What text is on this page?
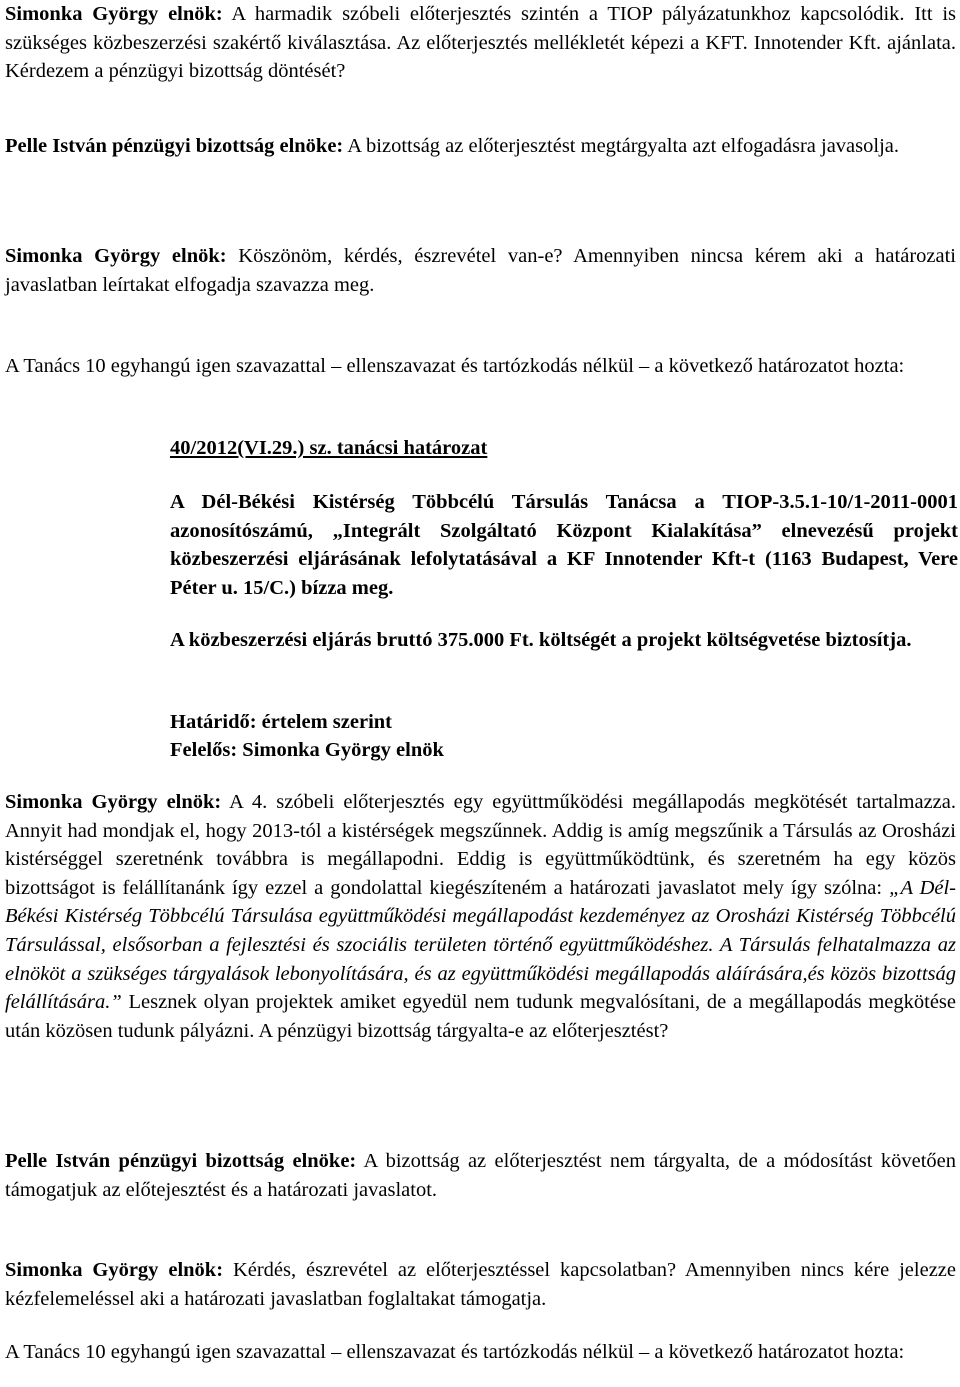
Simonka György elnök: A harmadik szóbeli előterjesztés szintén a TIOP pályázatunkhoz kapcsolódik. Itt is szükséges közbeszerzési szakértő kiválasztása. Az előterjesztés mellékletét képezi a KFT. Innotender Kft. ajánlata. Kérdezem a pénzügyi bizottság döntését?

Pelle István pénzügyi bizottság elnöke: A bizottság az előterjesztést megtárgyalta azt elfogadásra javasolja.

Simonka György elnök: Köszönöm, kérdés, észrevétel van-e? Amennyiben nincsa kérem aki a határozati javaslatban leírtakat elfogadja szavazza meg.

A Tanács 10 egyhangú igen szavazattal – ellenszavazat és tartózkodás nélkül – a következő határozatot hozta:

40/2012(VI.29.) sz. tanácsi határozat

A Dél-Békési Kistérség Többcélú Társulás Tanácsa a TIOP-3.5.1-10/1-2011-0001 azonosítószámú, „Integrált Szolgáltató Központ Kialakítása” elnevezésű projekt közbeszerzési eljárásának lefolytatásával a KF Innotender Kft-t (1163 Budapest, Vere Péter u. 15/C.) bízza meg.

A közbeszerzési eljárás bruttó 375.000 Ft. költségét a projekt költségvetése biztosítja.

Határidő: értelem szerint

Felelős: Simonka György elnök

Simonka György elnök: A 4. szóbeli előterjesztés egy együttműködési megállapodás megkötését tartalmazza. Annyit had mondjak el, hogy 2013-tól a kistérségek megszűnnek. Addig is amíg megszűnik a Társulás az Orosházi kistérséggel szeretnénk továbbra is megállapodni. Eddig is együttműködtünk, és szeretném ha egy közös bizottságot is felállítanánk így ezzel a gondolattal kiegészíteném a határozati javaslatot mely így szólna: „A Dél-Békési Kistérség Többcélú Társulása együttműködési megállapodást kezdeményez az Orosházi Kistérség Többcélú Társulással, elsősorban a fejlesztési és szociális területen történő együttműködéshez. A Társulás felhatalmazza az elnököt a szükséges tárgyalások lebonyolítására, és az együttműködési megállapodás aláírására,és közös bizottság felállítására.” Lesznek olyan projektek amiket egyedül nem tudunk megvalósítani, de a megállapodás megkötése után közösen tudunk pályázni. A pénzügyi bizottság tárgyalta-e az előterjesztést?

Pelle István pénzügyi bizottság elnöke: A bizottság az előterjesztést nem tárgyalta, de a módosítást követően támogatjuk az előtejesztést és a határozati javaslatot.

Simonka György elnök: Kérdés, észrevétel az előterjesztéssel kapcsolatban? Amennyiben nincs kére jelezze kézfelemeléssel aki a határozati javaslatban foglaltakat támogatja.

A Tanács 10 egyhangú igen szavazattal – ellenszavazat és tartózkodás nélkül – a következő határozatot hozta:
